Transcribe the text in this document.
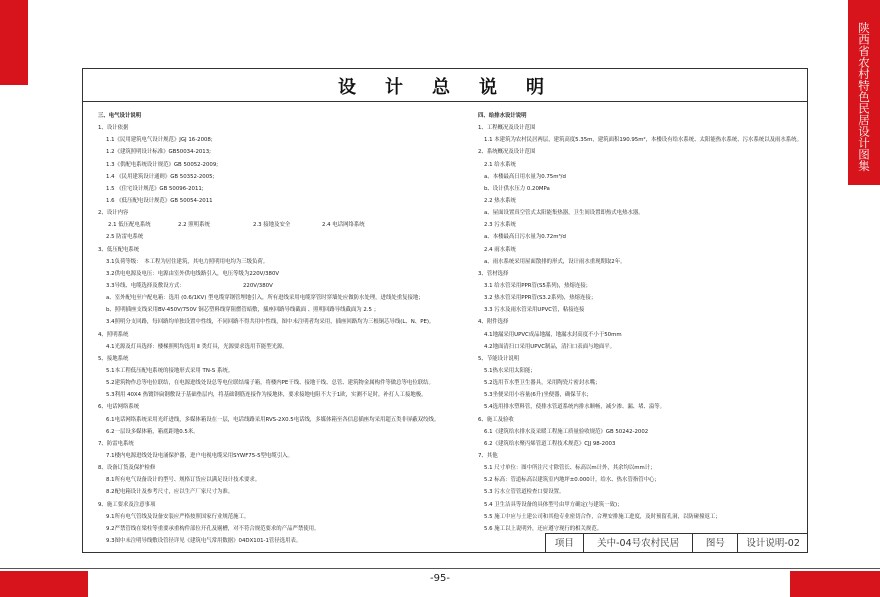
陕西省农村特色民居设计图集
设计总说明
三、电气设计说明
1、设计依据
1.1《民用建筑电气设计规范》JGJ 16-2008;
1.2《建筑照明设计标准》GB50034-2013;
1.3《供配电系统设计规范》GB 50052-2009;
1.4 《民用建筑设计通则》GB 50352-2005;
1.5 《住宅设计规范》GB 50096-2011;
1.6 《低压配电设计规范》GB 50054-2011
2、设计内容
2.1 低压配电系统	2.2 照明系统	2.3 接地及安全	2.4 电话网络系统
2.5 防雷电系统
3、低压配电系统
3.1负荷等级：　本工程为居住建筑，其电力照明用电均为三级负荷。
3.2供电电源及电压：电源由室外供电线路引入，电压等级为220V/380V
3.3导线、电缆选择及敷设方式：	220V/380V
a、室外配电至户配电箱：选用 (0.6/1KV) 型电缆穿钢管埋地引入，所有进线采用电缆穿管时穿墙处应做防水处理，进线处重复接地；
b、照明插座支线采用BV-450V/750V 铜芯塑料线穿阻燃管暗敷，插座回路导线截面 、照明回路导线截面为 2.5 ；
3.4照明分支回路，每回路均单独设置中性线，不同回路不得共用中性线，图中未注明者均采用，插座回路均为三根铜芯导线(L、N、PE)。
4、照明系统
4.1光源及灯具选择：楼梯照明均选用 Ⅱ 类灯具，光源要求选用节能型光源。
5、接地系统
5.1本工程低压配电系统的接地形式采用 TN-S 系统。
5.2建筑物作总等电位联结，在电源进线处设总等电位联结端子箱，将楼内PE干线、接地干线、总管、建筑物金属构件等做总等电位联结。
5.3利用 40X4 热镀锌扁钢敷设于基础垫层内，将基础钢筋连接作为接地体，要求接地电阻不大于1欧，实测不足时，补打人工接地极。
6、电话网络系统
6.1电话网络系统采用光纤进线，多媒体箱设在一层，电话线路采用RVS-2X0.5电话线，多媒体箱至各信息插座均采用超五类非屏蔽双绞线。
6.2一层设多媒体箱，箱底距地0.5米。
7、防雷电系统
7.1楼内电源进线处设电涌保护器，进户电视电缆采用SYWF75-5型电缆引入。
8、设备订货及保护检修
8.1所有电气设备设计的型号、规格订货应以满足设计技术要求。
8.2配电箱设计及参考尺寸，应以生产厂家尺寸为准。
9、施工要求及注意事项
9.1所有电气管线及设备安装应严格按照国家行业规范施工。
9.2严禁管线在梁柱等重要承重构件部位开孔及剔槽，对不符合规范要求的产品严禁使用。
9.3图中未注明导线敷设管径详见《建筑电气常用数据》04DX101-1管径选用表。
四、给排水设计说明
1、工程概况及设计范围
1.1 本建筑为农村民居两层，建筑高度5.35m，建筑面积190.95m²，本楼设有给水系统、太阳能热水系统、污水系统以及雨水系统。
2、系统概况及设计范围
2.1 给水系统
a、本楼最高日用水量为0.75m³/d
b、设计供水压力 0.20MPa
2.2 热水系统
a、屋面设置真空管式太阳能集热器，卫生间设置即热式电热水器。
2.3 污水系统
a、本楼最高日污水量为0.72m³/d
2.4 雨水系统
a、雨水系统采用屋面散排的形式，设计雨水重现期取2年。
3、管材选择
3.1 给水管采用PPR管(S5系列)，热熔连接；
3.2 热水管采用PPR管(S3.2系列)，热熔连接；
3.3 污水及雨水管采用UPVC管，粘接连接
4、附件选择
4.1地漏采用UPVC成品地漏，地漏水封高度不小于50mm
4.2地面清扫口采用UPVC制品，清扫口表面与地面平。
5、节能设计说明
5.1热水采用太阳能；
5.2选用节水型卫生器具，采用陶瓷片密封水嘴；
5.3坐便采用小容量(6升)坐便器，确保节水；
5.4选用排水塑料管，使排水管道系统内排水顺畅，减少渗、漏、堵、溢等。
6、施工及验收
6.1《建筑给水排水及采暖工程施工质量验收规范》GB 50242-2002
6.2《建筑给水聚丙烯管道工程技术规范》CJJ 98-2003
7、其他
5.1 尺寸单位：图中所注尺寸除管长、标高以m计外，其余均以mm计；
5.2 标高：管道标高以建筑室内地坪±0.000计，给水、热水管指管中心；
5.3 污水立管管道检查口要设置。
5.4 卫生洁具等设备的具体型号由甲方确定(与建筑一致)；
5.5 施工中应与土建公司和其他专业密切合作，合理安排施工进度，及时预留孔洞，以防碰撞返工；
5.6 施工以上说明外，还应遵守现行的相关规范。
项目	关中-04号农村民居	图号	设计说明-02
-95-
